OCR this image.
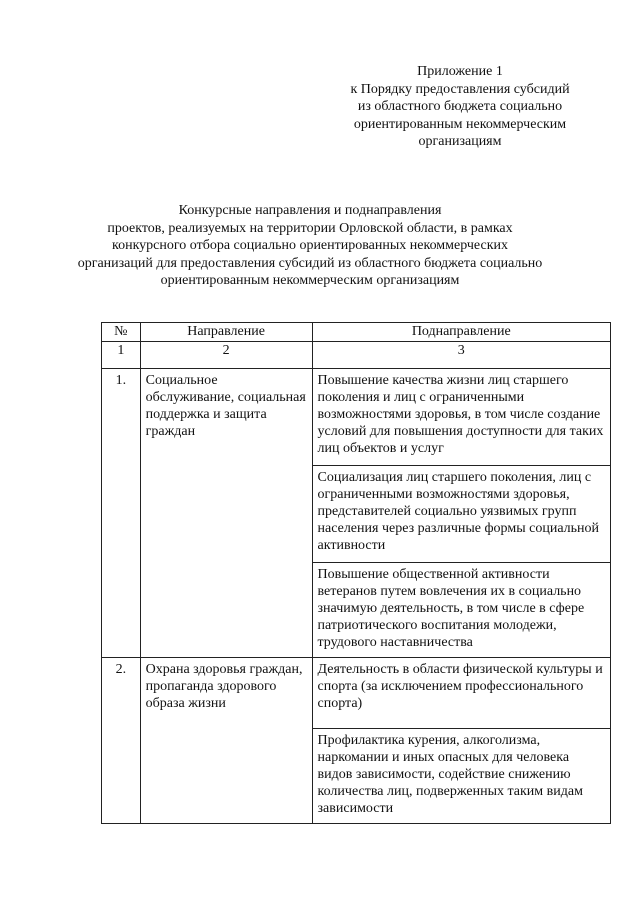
Приложение 1
к Порядку предоставления субсидий
из областного бюджета социально
ориентированным некоммерческим
организациям
Конкурсные направления и поднаправления
проектов, реализуемых на территории Орловской области, в рамках
конкурсного отбора социально ориентированных некоммерческих
организаций для предоставления субсидий из областного бюджета социально
ориентированным некоммерческим организациям
№	Направление	Поднаправление
1	2	3
1.	Социальное обслуживание, социальная поддержка и защита граждан	Повышение качества жизни лиц старшего поколения и лиц с ограниченными возможностями здоровья, в том числе создание условий для повышения доступности для таких лиц объектов и услуг
		Социализация лиц старшего поколения, лиц с ограниченными возможностями здоровья, представителей социально уязвимых групп населения через различные формы социальной активности
		Повышение общественной активности ветеранов путем вовлечения их в социально значимую деятельность, в том числе в сфере патриотического воспитания молодежи, трудового наставничества
2.	Охрана здоровья граждан, пропаганда здорового образа жизни	Деятельность в области физической культуры и спорта (за исключением профессионального спорта)
		Профилактика курения, алкоголизма, наркомании и иных опасных для человека видов зависимости, содействие снижению количества лиц, подверженных таким видам зависимости
